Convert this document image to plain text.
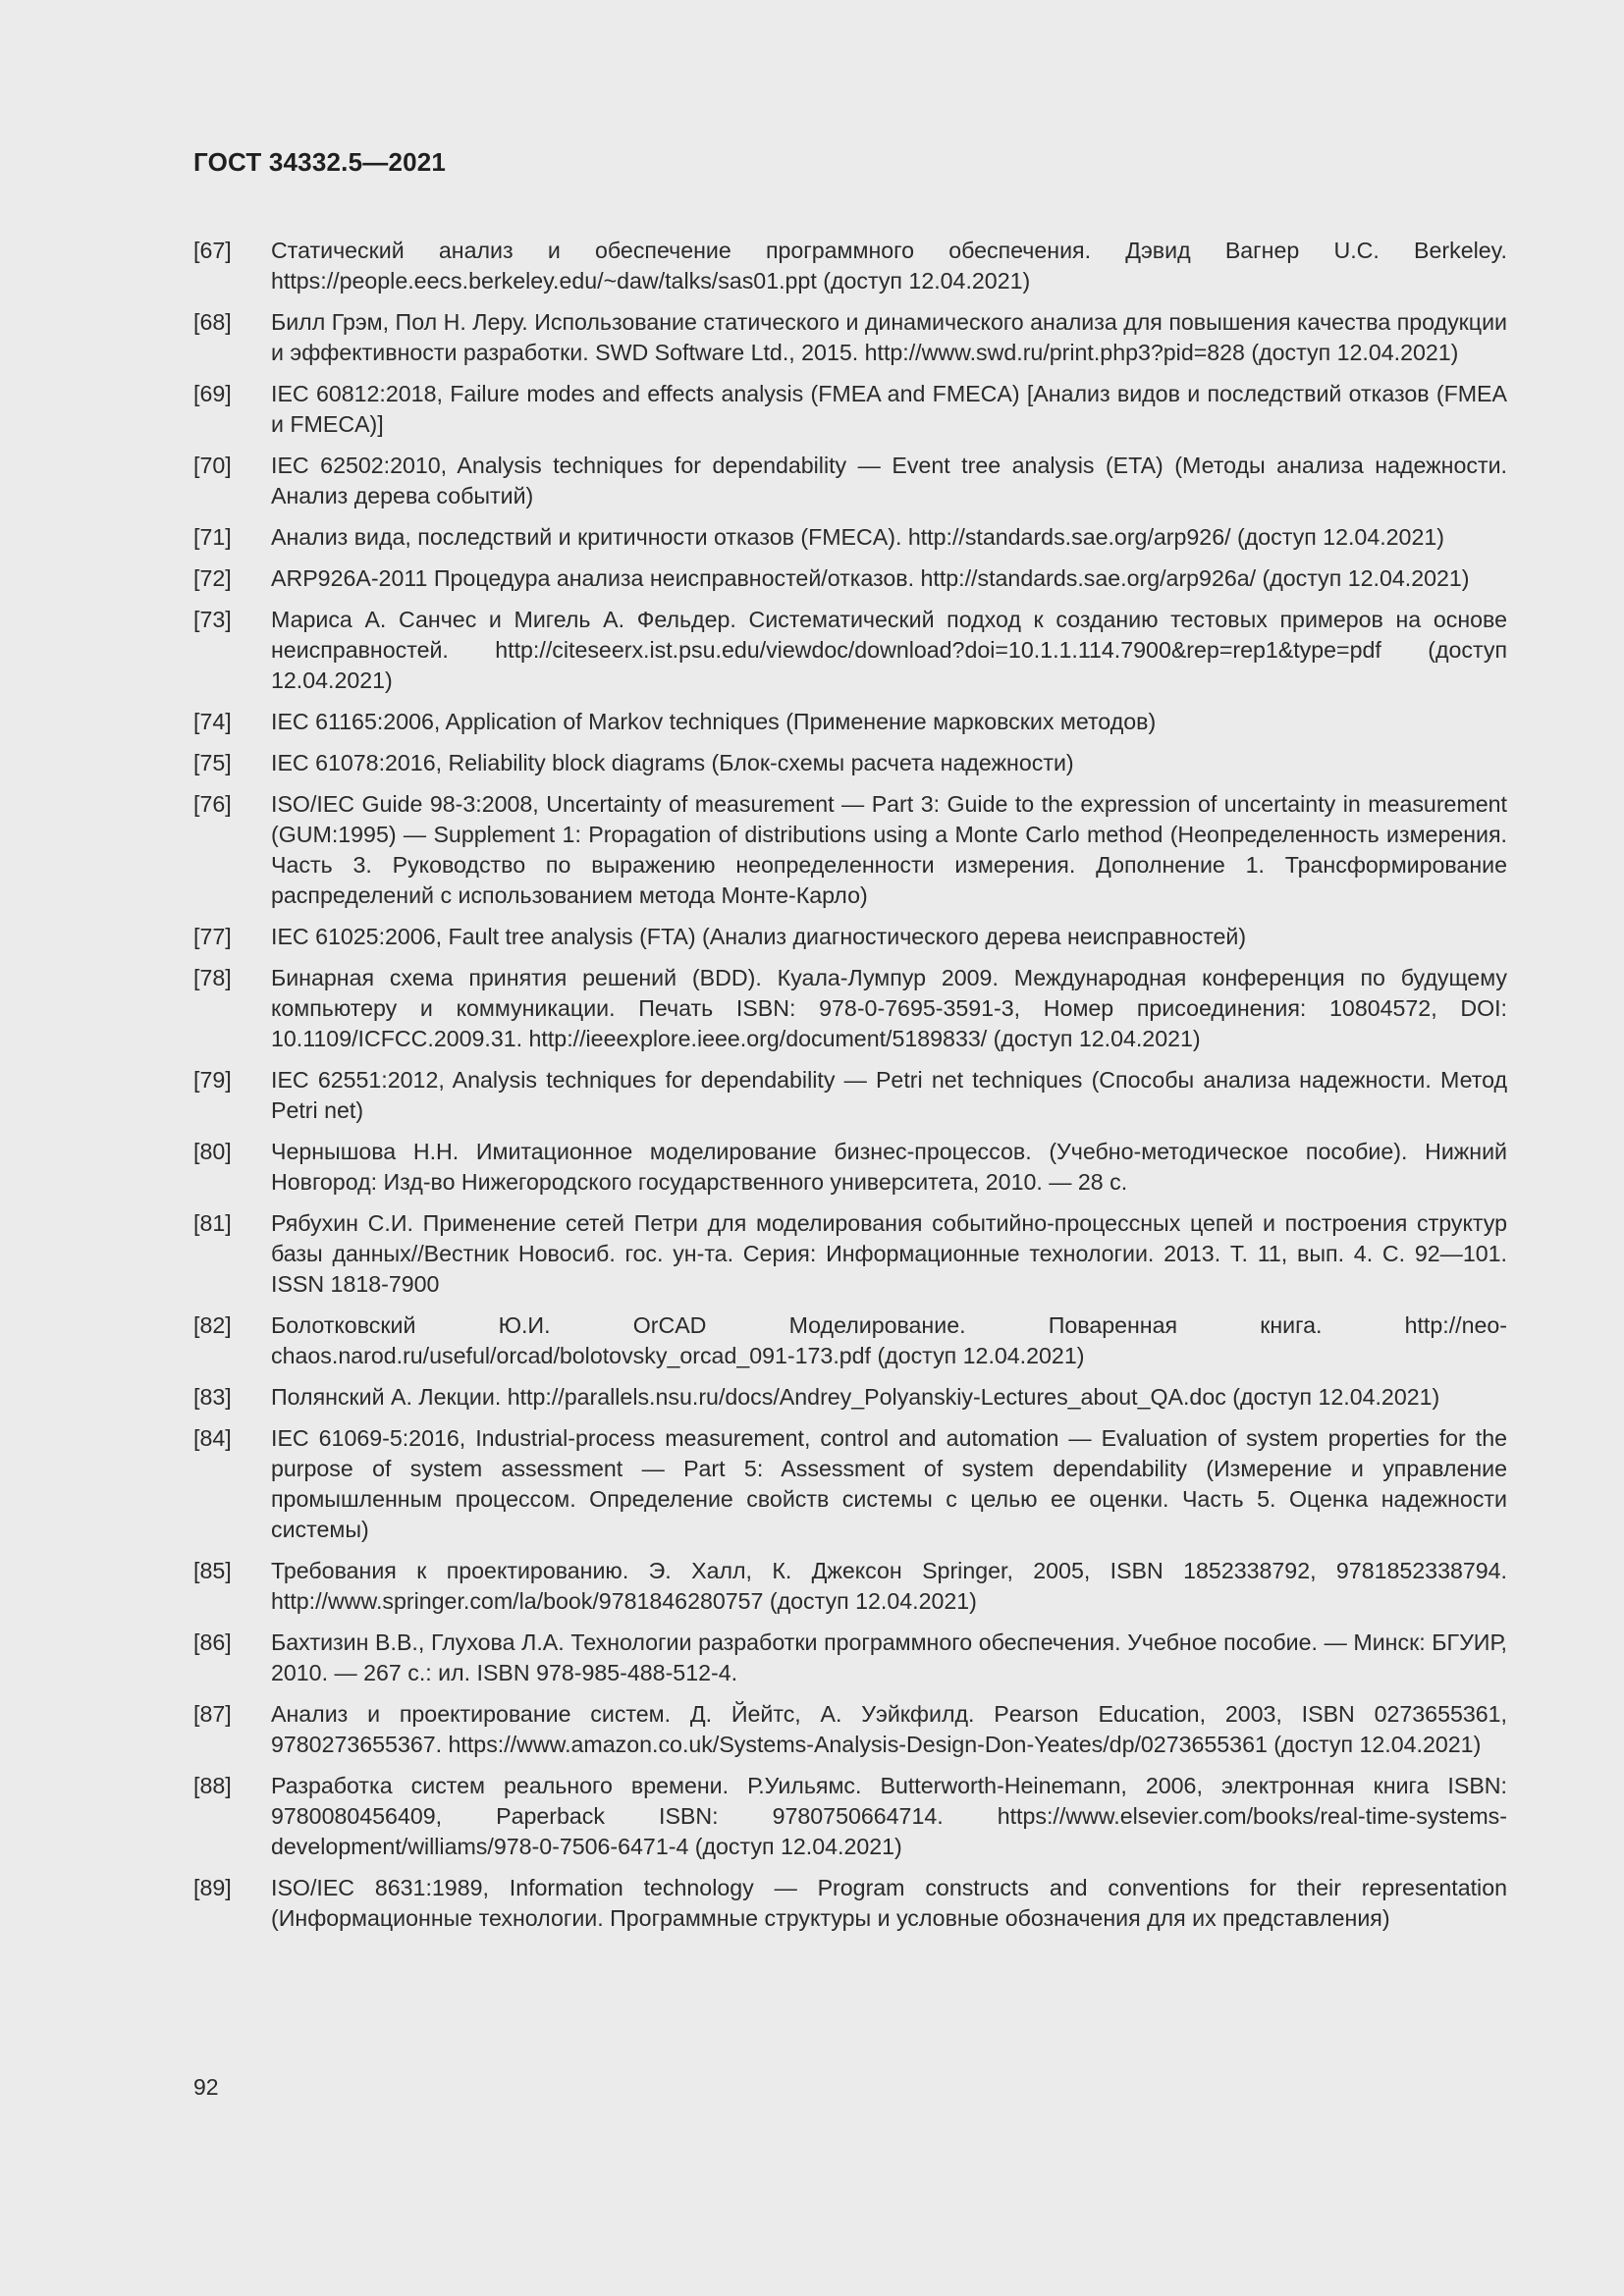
ГОСТ 34332.5—2021
[67]	Статический анализ и обеспечение программного обеспечения. Дэвид Вагнер U.C. Berkeley. https://people.eecs.berkeley.edu/~daw/talks/sas01.ppt (доступ 12.04.2021)
[68]	Билл Грэм, Пол Н. Леру. Использование статического и динамического анализа для повышения качества продукции и эффективности разработки. SWD Software Ltd., 2015. http://www.swd.ru/print.php3?pid=828 (доступ 12.04.2021)
[69]	IEC 60812:2018, Failure modes and effects analysis (FMEA and FMECA) [Анализ видов и последствий отказов (FMEA и FMECA)]
[70]	IEC 62502:2010, Analysis techniques for dependability — Event tree analysis (ETA) (Методы анализа надежности. Анализ дерева событий)
[71]	Анализ вида, последствий и критичности отказов (FMECA). http://standards.sae.org/arp926/ (доступ 12.04.2021)
[72]	ARP926A-2011 Процедура анализа неисправностей/отказов. http://standards.sae.org/arp926a/ (доступ 12.04.2021)
[73]	Мариса А. Санчес и Мигель А. Фельдер. Систематический подход к созданию тестовых примеров на основе неисправностей. http://citeseerx.ist.psu.edu/viewdoc/download?doi=10.1.1.114.7900&rep=rep1&type=pdf (доступ 12.04.2021)
[74]	IEC 61165:2006, Application of Markov techniques (Применение марковских методов)
[75]	IEC 61078:2016, Reliability block diagrams (Блок-схемы расчета надежности)
[76]	ISO/IEC Guide 98-3:2008, Uncertainty of measurement — Part 3: Guide to the expression of uncertainty in measurement (GUM:1995) — Supplement 1: Propagation of distributions using a Monte Carlo method (Неопределенность измерения. Часть 3. Руководство по выражению неопределенности измерения. Дополнение 1. Трансформирование распределений с использованием метода Монте-Карло)
[77]	IEC 61025:2006, Fault tree analysis (FTA) (Анализ диагностического дерева неисправностей)
[78]	Бинарная схема принятия решений (BDD). Куала-Лумпур 2009. Международная конференция по будущему компьютеру и коммуникации. Печать ISBN: 978-0-7695-3591-3, Номер присоединения: 10804572, DOI: 10.1109/ICFCC.2009.31. http://ieeexplore.ieee.org/document/5189833/ (доступ 12.04.2021)
[79]	IEC 62551:2012, Analysis techniques for dependability — Petri net techniques (Способы анализа надежности. Метод Petri net)
[80]	Чернышова Н.Н. Имитационное моделирование бизнес-процессов. (Учебно-методическое пособие). Нижний Новгород: Изд-во Нижегородского государственного университета, 2010. — 28 с.
[81]	Рябухин С.И. Применение сетей Петри для моделирования событийно-процессных цепей и построения структур базы данных//Вестник Новосиб. гос. ун-та. Серия: Информационные технологии. 2013. Т. 11, вып. 4. С. 92—101. ISSN 1818-7900
[82]	Болотковский Ю.И. OrCAD Моделирование. Поваренная книга. http://neo-chaos.narod.ru/useful/orcad/bolotovsky_orcad_091-173.pdf (доступ 12.04.2021)
[83]	Полянский А. Лекции. http://parallels.nsu.ru/docs/Andrey_Polyanskiy-Lectures_about_QA.doc (доступ 12.04.2021)
[84]	IEC 61069-5:2016, Industrial-process measurement, control and automation — Evaluation of system properties for the purpose of system assessment — Part 5: Assessment of system dependability (Измерение и управление промышленным процессом. Определение свойств системы с целью ее оценки. Часть 5. Оценка надежности системы)
[85]	Требования к проектированию. Э. Халл, К. Джексон Springer, 2005, ISBN 1852338792, 9781852338794. http://www.springer.com/la/book/9781846280757 (доступ 12.04.2021)
[86]	Бахтизин В.В., Глухова Л.А. Технологии разработки программного обеспечения. Учебное пособие. — Минск: БГУИР, 2010. — 267 с.: ил. ISBN 978-985-488-512-4.
[87]	Анализ и проектирование систем. Д. Йейтс, А. Уэйкфилд. Pearson Education, 2003, ISBN 0273655361, 9780273655367. https://www.amazon.co.uk/Systems-Analysis-Design-Don-Yeates/dp/0273655361 (доступ 12.04.2021)
[88]	Разработка систем реального времени. Р.Уильямс. Butterworth-Heinemann, 2006, электронная книга ISBN: 9780080456409, Paperback ISBN: 9780750664714. https://www.elsevier.com/books/real-time-systems-development/williams/978-0-7506-6471-4 (доступ 12.04.2021)
[89]	ISO/IEC 8631:1989, Information technology — Program constructs and conventions for their representation (Информационные технологии. Программные структуры и условные обозначения для их представления)
92
